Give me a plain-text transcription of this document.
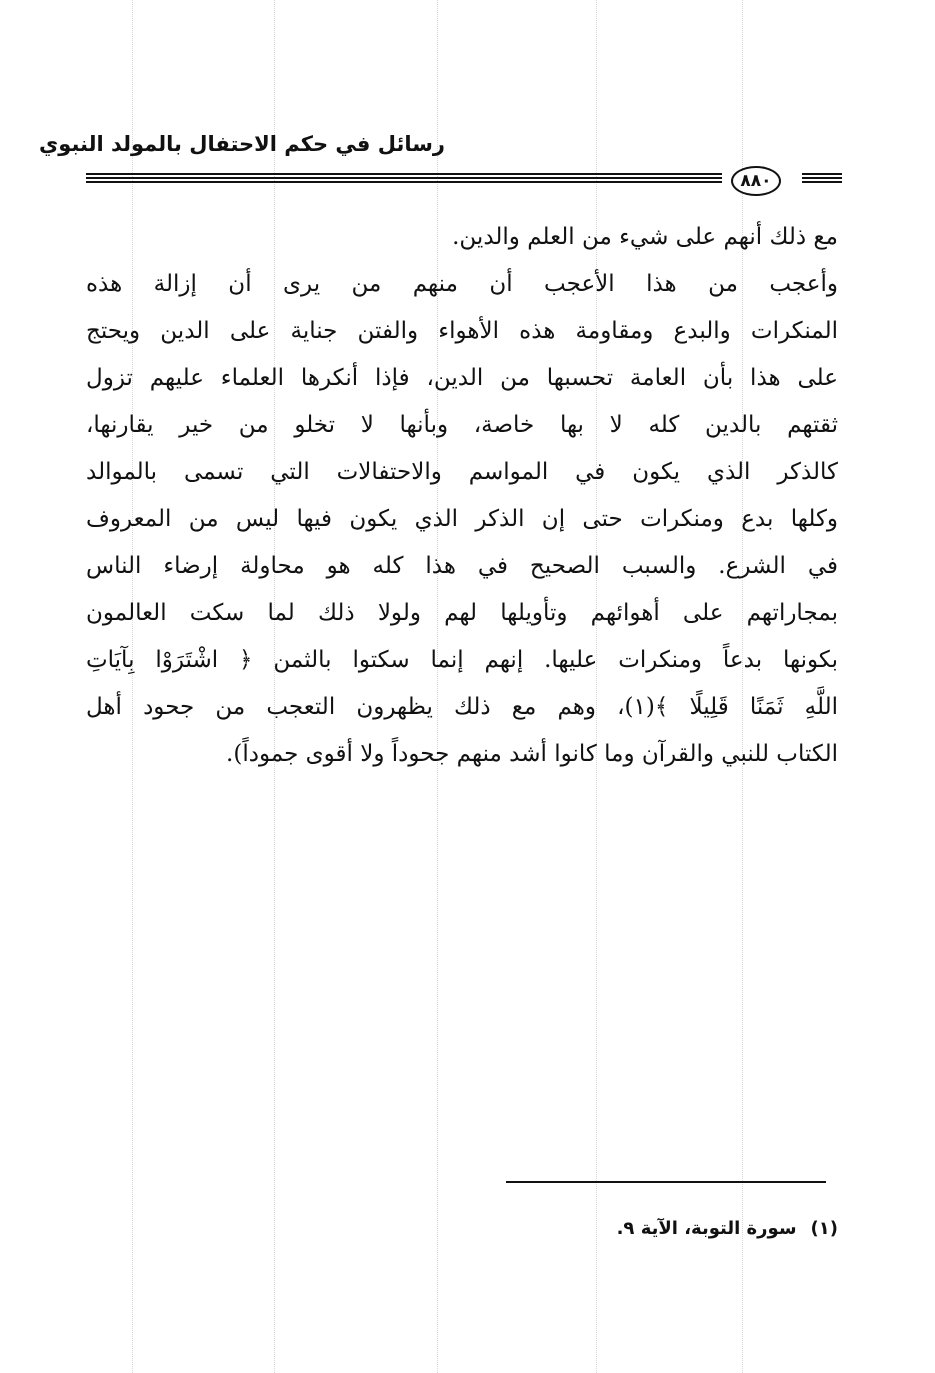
رسائل في حكم الاحتفال بالمولد النبوي
٨٨٠
مع ذلك أنهم على شيء من العلم والدين.
وأعجب من هذا الأعجب أن منهم من يرى أن إزالة هذه
المنكرات والبدع ومقاومة هذه الأهواء والفتن جناية على الدين ويحتج
على هذا بأن العامة تحسبها من الدين، فإذا أنكرها العلماء عليهم تزول
ثقتهم بالدين كله لا بها خاصة، وبأنها لا تخلو من خير يقارنها،
كالذكر الذي يكون في المواسم والاحتفالات التي تسمى بالموالد
وكلها بدع ومنكرات حتى إن الذكر الذي يكون فيها ليس من المعروف
في الشرع. والسبب الصحيح في هذا كله هو محاولة إرضاء الناس
بمجاراتهم على أهوائهم وتأويلها لهم ولولا ذلك لما سكت العالمون
بكونها بدعاً ومنكرات عليها. إنهم إنما سكتوا بالثمن ﴿ اشْتَرَوْا بِآيَاتِ
اللَّهِ ثَمَنًا قَلِيلًا ﴾(١)، وهم مع ذلك يظهرون التعجب من جحود أهل
الكتاب للنبي والقرآن وما كانوا أشد منهم جحوداً ولا أقوى جموداً).
(١)سورة التوبة، الآية ٩.
